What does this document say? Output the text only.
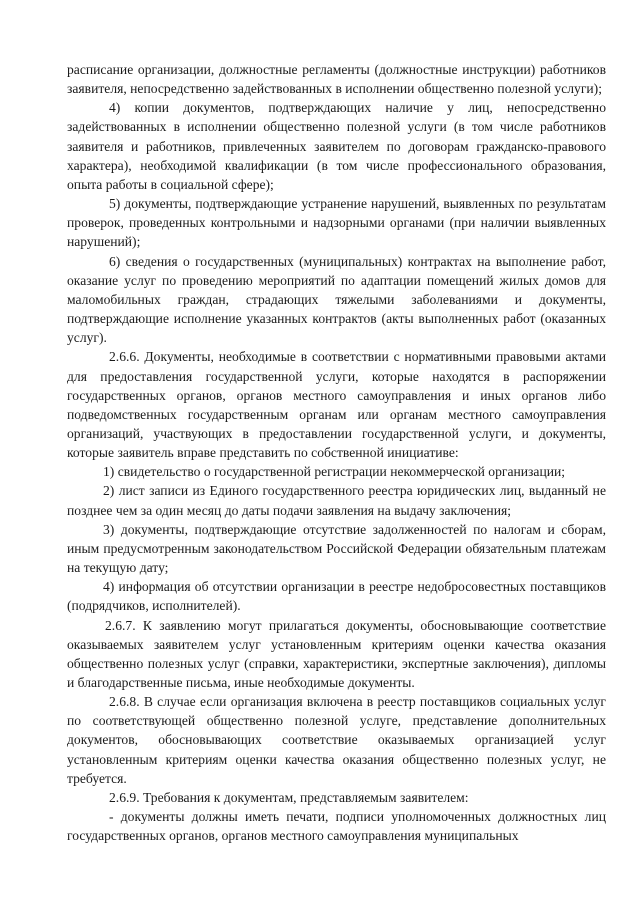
расписание организации, должностные регламенты (должностные инструкции) работников заявителя, непосредственно задействованных в исполнении общественно полезной услуги);

4) копии документов, подтверждающих наличие у лиц, непосредственно задействованных в исполнении общественно полезной услуги (в том числе работников заявителя и работников, привлеченных заявителем по договорам гражданско-правового характера), необходимой квалификации (в том числе профессионального образования, опыта работы в социальной сфере);

5) документы, подтверждающие устранение нарушений, выявленных по результатам проверок, проведенных контрольными и надзорными органами (при наличии выявленных нарушений);

6) сведения о государственных (муниципальных) контрактах на выполнение работ, оказание услуг по проведению мероприятий по адаптации помещений жилых домов для маломобильных граждан, страдающих тяжелыми заболеваниями и документы, подтверждающие исполнение указанных контрактов (акты выполненных работ (оказанных услуг).

2.6.6. Документы, необходимые в соответствии с нормативными правовыми актами для предоставления государственной услуги, которые находятся в распоряжении государственных органов, органов местного самоуправления и иных органов либо подведомственных государственным органам или органам местного самоуправления организаций, участвующих в предоставлении государственной услуги, и документы, которые заявитель вправе представить по собственной инициативе:

1) свидетельство о государственной регистрации некоммерческой организации;

2) лист записи из Единого государственного реестра юридических лиц, выданный не позднее чем за один месяц до даты подачи заявления на выдачу заключения;

3) документы, подтверждающие отсутствие задолженностей по налогам и сборам, иным предусмотренным законодательством Российской Федерации обязательным платежам на текущую дату;

4) информация об отсутствии организации в реестре недобросовестных поставщиков (подрядчиков, исполнителей).

2.6.7. К заявлению могут прилагаться документы, обосновывающие соответствие оказываемых заявителем услуг установленным критериям оценки качества оказания общественно полезных услуг (справки, характеристики, экспертные заключения), дипломы и благодарственные письма, иные необходимые документы.

2.6.8. В случае если организация включена в реестр поставщиков социальных услуг по соответствующей общественно полезной услуге, представление дополнительных документов, обосновывающих соответствие оказываемых организацией услуг установленным критериям оценки качества оказания общественно полезных услуг, не требуется.

2.6.9. Требования к документам, представляемым заявителем:

- документы должны иметь печати, подписи уполномоченных должностных лиц государственных органов, органов местного самоуправления муниципальных
